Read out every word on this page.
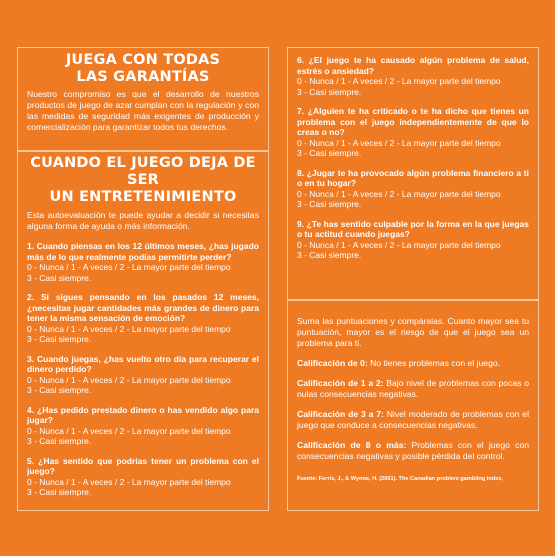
JUEGA CON TODAS
LAS GARANTÍAS

Nuestro compromiso es que el desarrollo de nuestros productos de juego de azar cumplan con la regulación y con las medidas de seguridad más exigentes de producción y comercialización para garantizar todos tus derechos.

CUANDO EL JUEGO DEJA DE SER
UN ENTRETENIMIENTO

Esta autoevaluación te puede ayudar a decidir si necesitas alguna forma de ayuda o más información.

1. Cuando piensas en los 12 últimos meses, ¿has jugado más de lo que realmente podías permitirte perder?
0 - Nunca / 1 - A veces / 2 - La mayor parte del tiempo
3 - Casi siempre.
2. Si sigues pensando en los pasados 12 meses, ¿necesitas jugar cantidades más grandes de dinero para tener la misma sensación de emoción?
0 - Nunca / 1 - A veces / 2 - La mayor parte del tiempo
3 - Casi siempre.
3. Cuando juegas, ¿has vuelto otro día para recuperar el dinero perdido?
0 - Nunca / 1 - A veces / 2 - La mayor parte del tiempo
3 - Casi siempre.
4. ¿Has pedido prestado dinero o has vendido algo para jugar?
0 - Nunca / 1 - A veces / 2 - La mayor parte del tiempo
3 - Casi siempre.
5. ¿Has sentido que podrías tener un problema con el juego?
0 - Nunca / 1 - A veces / 2 - La mayor parte del tiempo
3 - Casi siempre.
6. ¿El juego te ha causado algún problema de salud, estrés o ansiedad?
0 - Nunca / 1 - A veces / 2 - La mayor parte del tiempo
3 - Casi siempre.
7. ¿Alguien te ha criticado o te ha dicho que tienes un problema con el juego independientemente de que lo creas o no?
0 - Nunca / 1 - A veces / 2 - La mayor parte del tiempo
3 - Casi siempre.
8. ¿Jugar te ha provocado algún problema financiero a ti o en tu hogar?
0 - Nunca / 1 - A veces / 2 - La mayor parte del tiempo
3 - Casi siempre.
9. ¿Te has sentido culpable por la forma en la que juegas o tu actitud cuando juegas?
0 - Nunca / 1 - A veces / 2 - La mayor parte del tiempo
3 - Casi siempre.

Suma las puntuaciones y compáralas. Cuanto mayor sea tu puntuación, mayor es el riesgo de que el juego sea un problema para ti.

Calificación de 0: No tienes problemas con el juego.

Calificación de 1 a 2: Bajo nivel de problemas con pocas o nulas consecuencias negativas.

Calificación de 3 a 7: Nivel moderado de problemas con el juego que conduce a consecuencias negativas.

Calificación de 8 o más: Problemas con el juego con consecuencias negativas y posible pérdida del control.

Fuente: Ferris, J., & Wynne, H. (2001). The Canadian problem gambling index,
